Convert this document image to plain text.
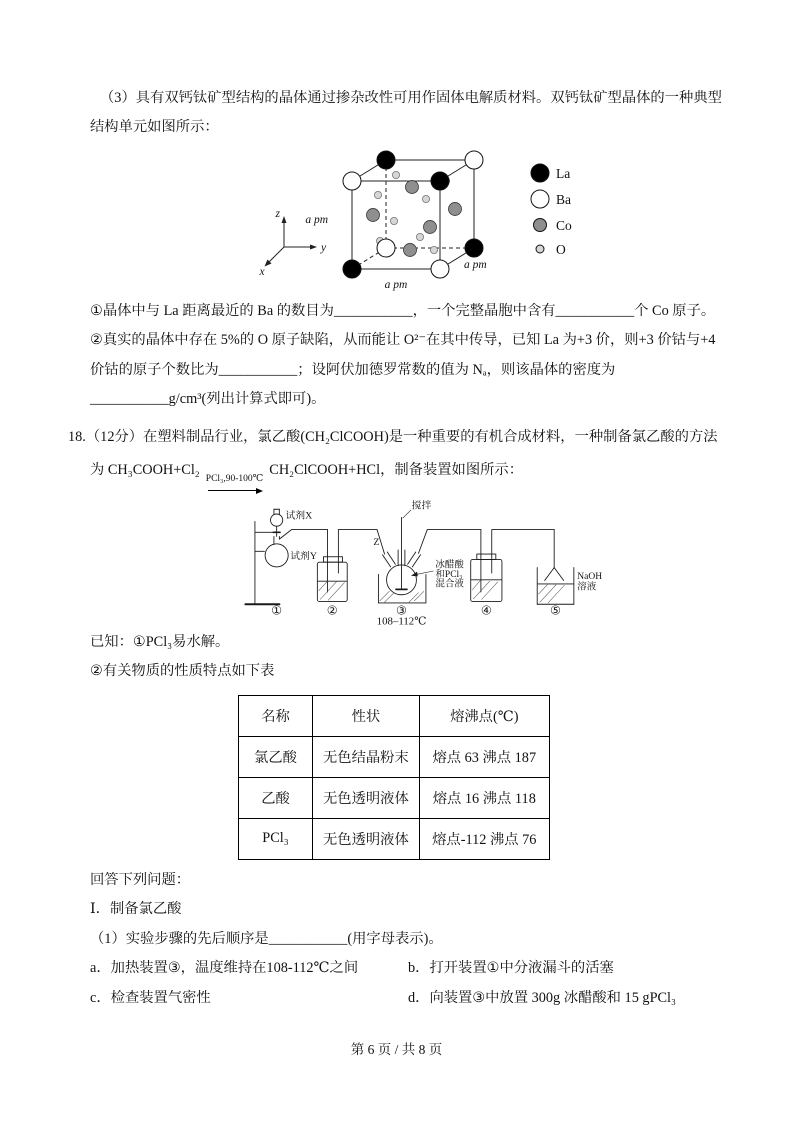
（3）具有双钙钛矿型结构的晶体通过掺杂改性可用作固体电解质材料。双钙钛矿型晶体的一种典型结构单元如图所示：

z
y
x
a pm
a pm
a pm
La
Ba
Co
O

①晶体中与 La 距离最近的 Ba 的数目为___________，一个完整晶胞中含有___________个 Co 原子。

②真实的晶体中存在 5%的 O 原子缺陷，从而能让 O²⁻在其中传导，已知 La 为+3 价，则+3 价钴与+4 价钴的原子个数比为___________；设阿伏加德罗常数的值为 Nₐ，则该晶体的密度为___________g/cm³(列出计算式即可)。

18.（12分）在塑料制品行业，氯乙酸(CH₂ClCOOH)是一种重要的有机合成材料，一种制备氯乙酸的方法

为 CH₃COOH+Cl₂
PCl₃,90-100℃
CH₂ClCOOH+HCl，制备装置如图所示：

试剂X
试剂Y
搅拌
Z
冰醋酸
和PCl₃
混合液
NaOH
溶液
① ②	③	④	⑤
108–112℃

已知：①PCl₃易水解。

②有关物质的性质特点如下表

名称	性状	熔沸点(℃)
氯乙酸	无色结晶粉末	熔点 63 沸点 187
乙酸	无色透明液体	熔点 16 沸点 118
PCl₃	无色透明液体	熔点-112 沸点 76

回答下列问题：

Ⅰ．制备氯乙酸

（1）实验步骤的先后顺序是___________(用字母表示)。

a．加热装置③，温度维持在108-112℃之间	b．打开装置①中分液漏斗的活塞
c．检查装置气密性	d．向装置③中放置 300g 冰醋酸和 15 gPCl₃
第 6 页 / 共 8 页
